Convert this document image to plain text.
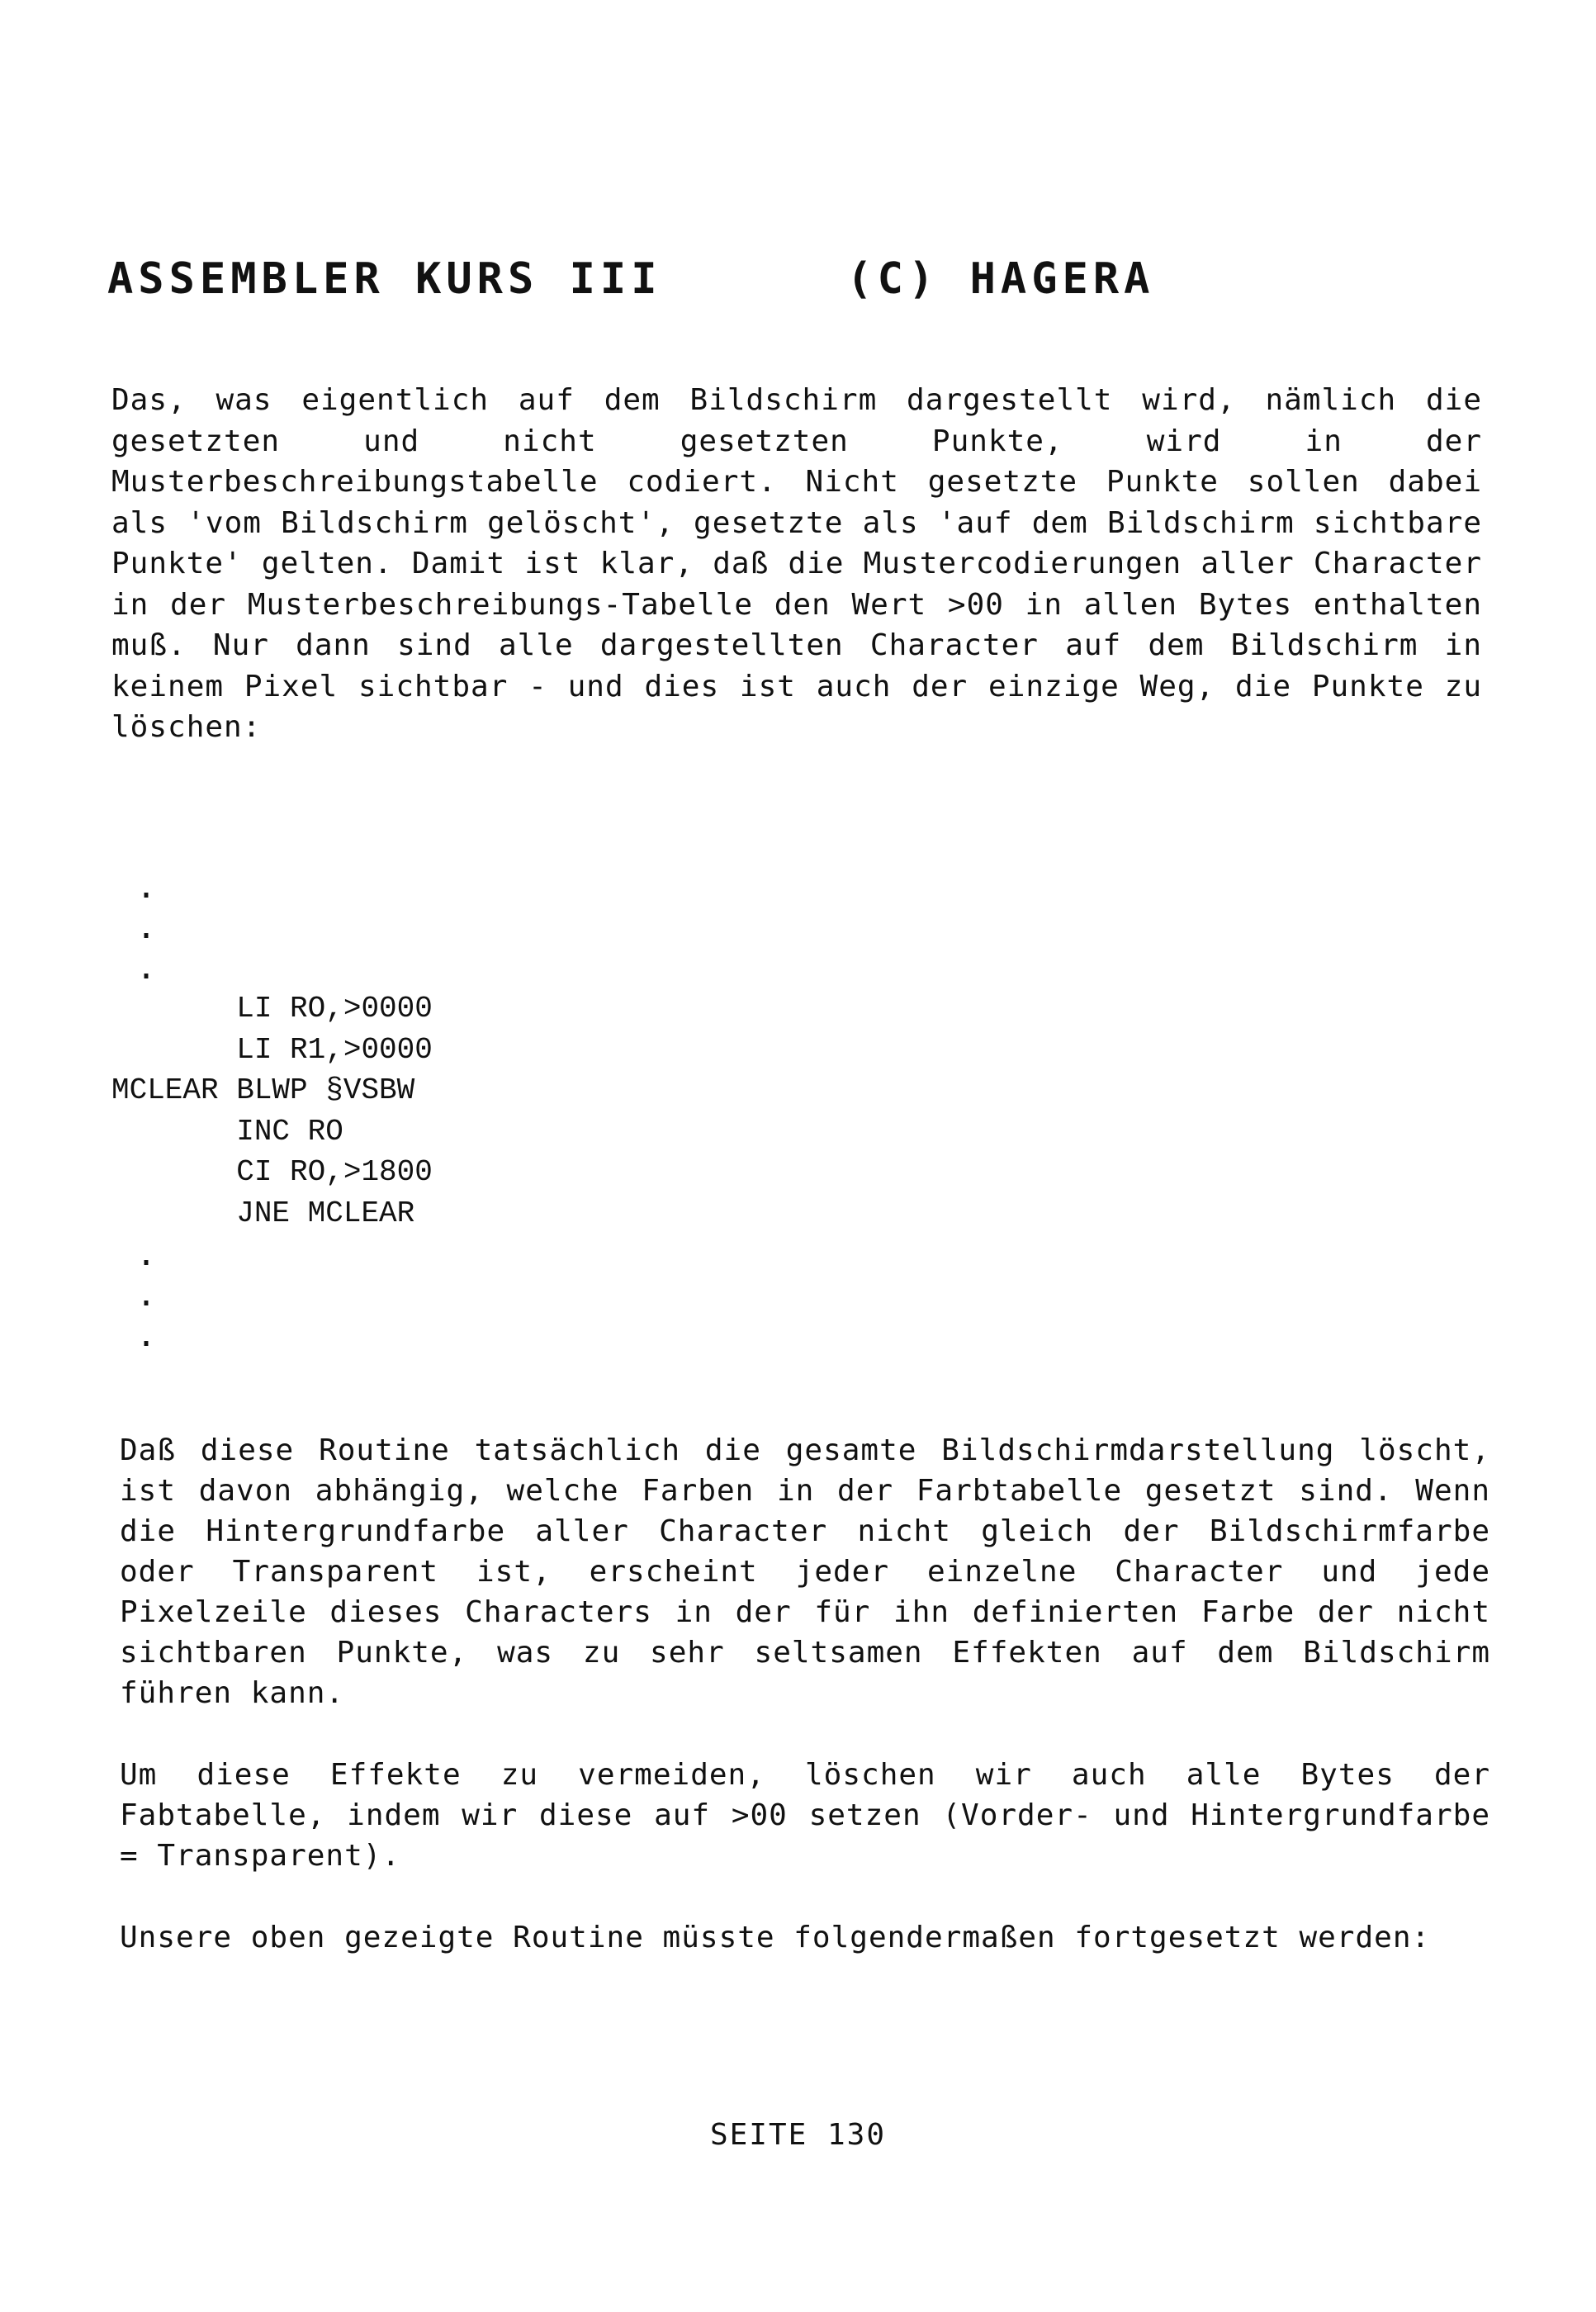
ASSEMBLER KURS III      (C) HAGERA

Das, was eigentlich auf dem Bildschirm dargestellt wird, nämlich die gesetzten und nicht gesetzten Punkte, wird in der Musterbeschreibungstabelle codiert. Nicht gesetzte Punkte sollen dabei als 'vom Bildschirm gelöscht', gesetzte als 'auf dem Bildschirm sichtbare Punkte' gelten. Damit ist klar, daß die Mustercodierungen aller Character in der Musterbeschreibungs-Tabelle den Wert >00 in allen Bytes enthalten muß. Nur dann sind alle dargestellten Character auf dem Bildschirm in keinem Pixel sichtbar - und dies ist auch der einzige Weg, die Punkte zu löschen:

.
.
.
LI RO,>0000
LI R1,>0000
MCLEAR BLWP §VSBW
INC RO
CI RO,>1800
JNE MCLEAR
.
.
.

Daß diese Routine tatsächlich die gesamte Bildschirmdarstellung löscht, ist davon abhängig, welche Farben in der Farbtabelle gesetzt sind. Wenn die Hintergrundfarbe aller Character nicht gleich der Bildschirmfarbe oder Transparent ist, erscheint jeder einzelne Character und jede Pixelzeile dieses Characters in der für ihn definierten Farbe der nicht sichtbaren Punkte, was zu sehr seltsamen Effekten auf dem Bildschirm führen kann.

Um diese Effekte zu vermeiden, löschen wir auch alle Bytes der Fabtabelle, indem wir diese auf >00 setzen (Vorder- und Hintergrundfarbe = Transparent).

Unsere oben gezeigte Routine müsste folgendermaßen fortgesetzt werden:

SEITE 130
